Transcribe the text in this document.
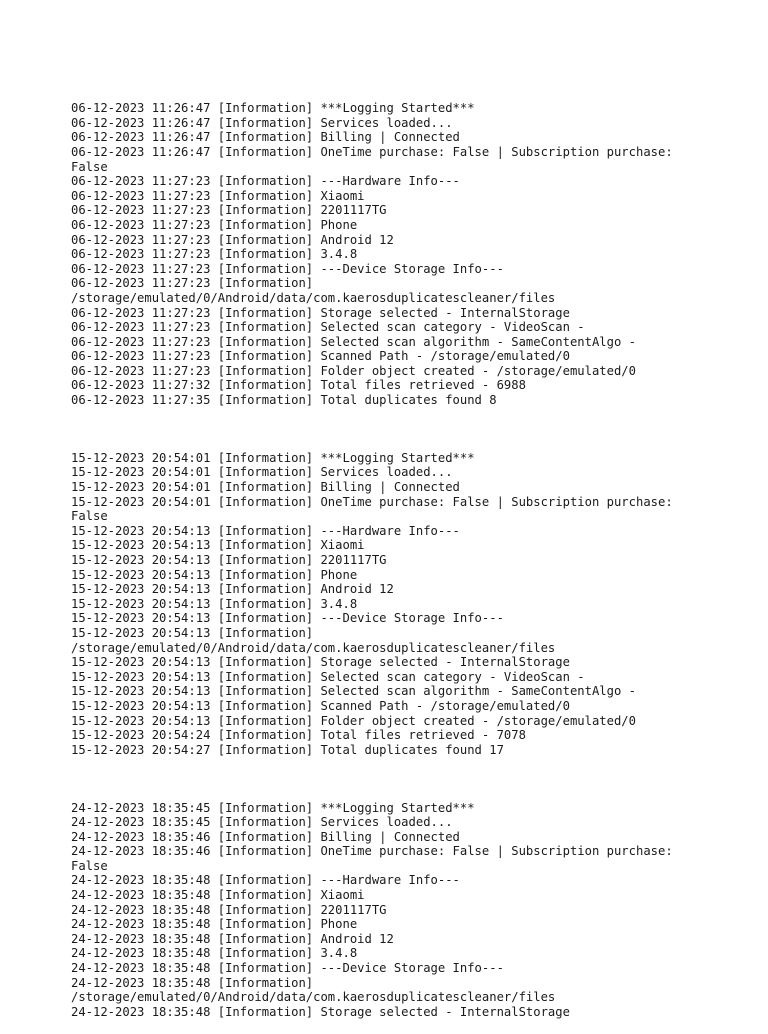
06-12-2023 11:26:47 [Information] ***Logging Started***
06-12-2023 11:26:47 [Information] Services loaded...
06-12-2023 11:26:47 [Information] Billing | Connected
06-12-2023 11:26:47 [Information] OneTime purchase: False | Subscription purchase:
False
06-12-2023 11:27:23 [Information] ---Hardware Info---
06-12-2023 11:27:23 [Information] Xiaomi
06-12-2023 11:27:23 [Information] 2201117TG
06-12-2023 11:27:23 [Information] Phone
06-12-2023 11:27:23 [Information] Android 12
06-12-2023 11:27:23 [Information] 3.4.8
06-12-2023 11:27:23 [Information] ---Device Storage Info---
06-12-2023 11:27:23 [Information]
/storage/emulated/0/Android/data/com.kaerosduplicatescleaner/files
06-12-2023 11:27:23 [Information] Storage selected - InternalStorage
06-12-2023 11:27:23 [Information] Selected scan category - VideoScan -
06-12-2023 11:27:23 [Information] Selected scan algorithm - SameContentAlgo -
06-12-2023 11:27:23 [Information] Scanned Path - /storage/emulated/0
06-12-2023 11:27:23 [Information] Folder object created - /storage/emulated/0
06-12-2023 11:27:32 [Information] Total files retrieved - 6988
06-12-2023 11:27:35 [Information] Total duplicates found 8

15-12-2023 20:54:01 [Information] ***Logging Started***
15-12-2023 20:54:01 [Information] Services loaded...
15-12-2023 20:54:01 [Information] Billing | Connected
15-12-2023 20:54:01 [Information] OneTime purchase: False | Subscription purchase:
False
15-12-2023 20:54:13 [Information] ---Hardware Info---
15-12-2023 20:54:13 [Information] Xiaomi
15-12-2023 20:54:13 [Information] 2201117TG
15-12-2023 20:54:13 [Information] Phone
15-12-2023 20:54:13 [Information] Android 12
15-12-2023 20:54:13 [Information] 3.4.8
15-12-2023 20:54:13 [Information] ---Device Storage Info---
15-12-2023 20:54:13 [Information]
/storage/emulated/0/Android/data/com.kaerosduplicatescleaner/files
15-12-2023 20:54:13 [Information] Storage selected - InternalStorage
15-12-2023 20:54:13 [Information] Selected scan category - VideoScan -
15-12-2023 20:54:13 [Information] Selected scan algorithm - SameContentAlgo -
15-12-2023 20:54:13 [Information] Scanned Path - /storage/emulated/0
15-12-2023 20:54:13 [Information] Folder object created - /storage/emulated/0
15-12-2023 20:54:24 [Information] Total files retrieved - 7078
15-12-2023 20:54:27 [Information] Total duplicates found 17

24-12-2023 18:35:45 [Information] ***Logging Started***
24-12-2023 18:35:45 [Information] Services loaded...
24-12-2023 18:35:46 [Information] Billing | Connected
24-12-2023 18:35:46 [Information] OneTime purchase: False | Subscription purchase:
False
24-12-2023 18:35:48 [Information] ---Hardware Info---
24-12-2023 18:35:48 [Information] Xiaomi
24-12-2023 18:35:48 [Information] 2201117TG
24-12-2023 18:35:48 [Information] Phone
24-12-2023 18:35:48 [Information] Android 12
24-12-2023 18:35:48 [Information] 3.4.8
24-12-2023 18:35:48 [Information] ---Device Storage Info---
24-12-2023 18:35:48 [Information]
/storage/emulated/0/Android/data/com.kaerosduplicatescleaner/files
24-12-2023 18:35:48 [Information] Storage selected - InternalStorage
